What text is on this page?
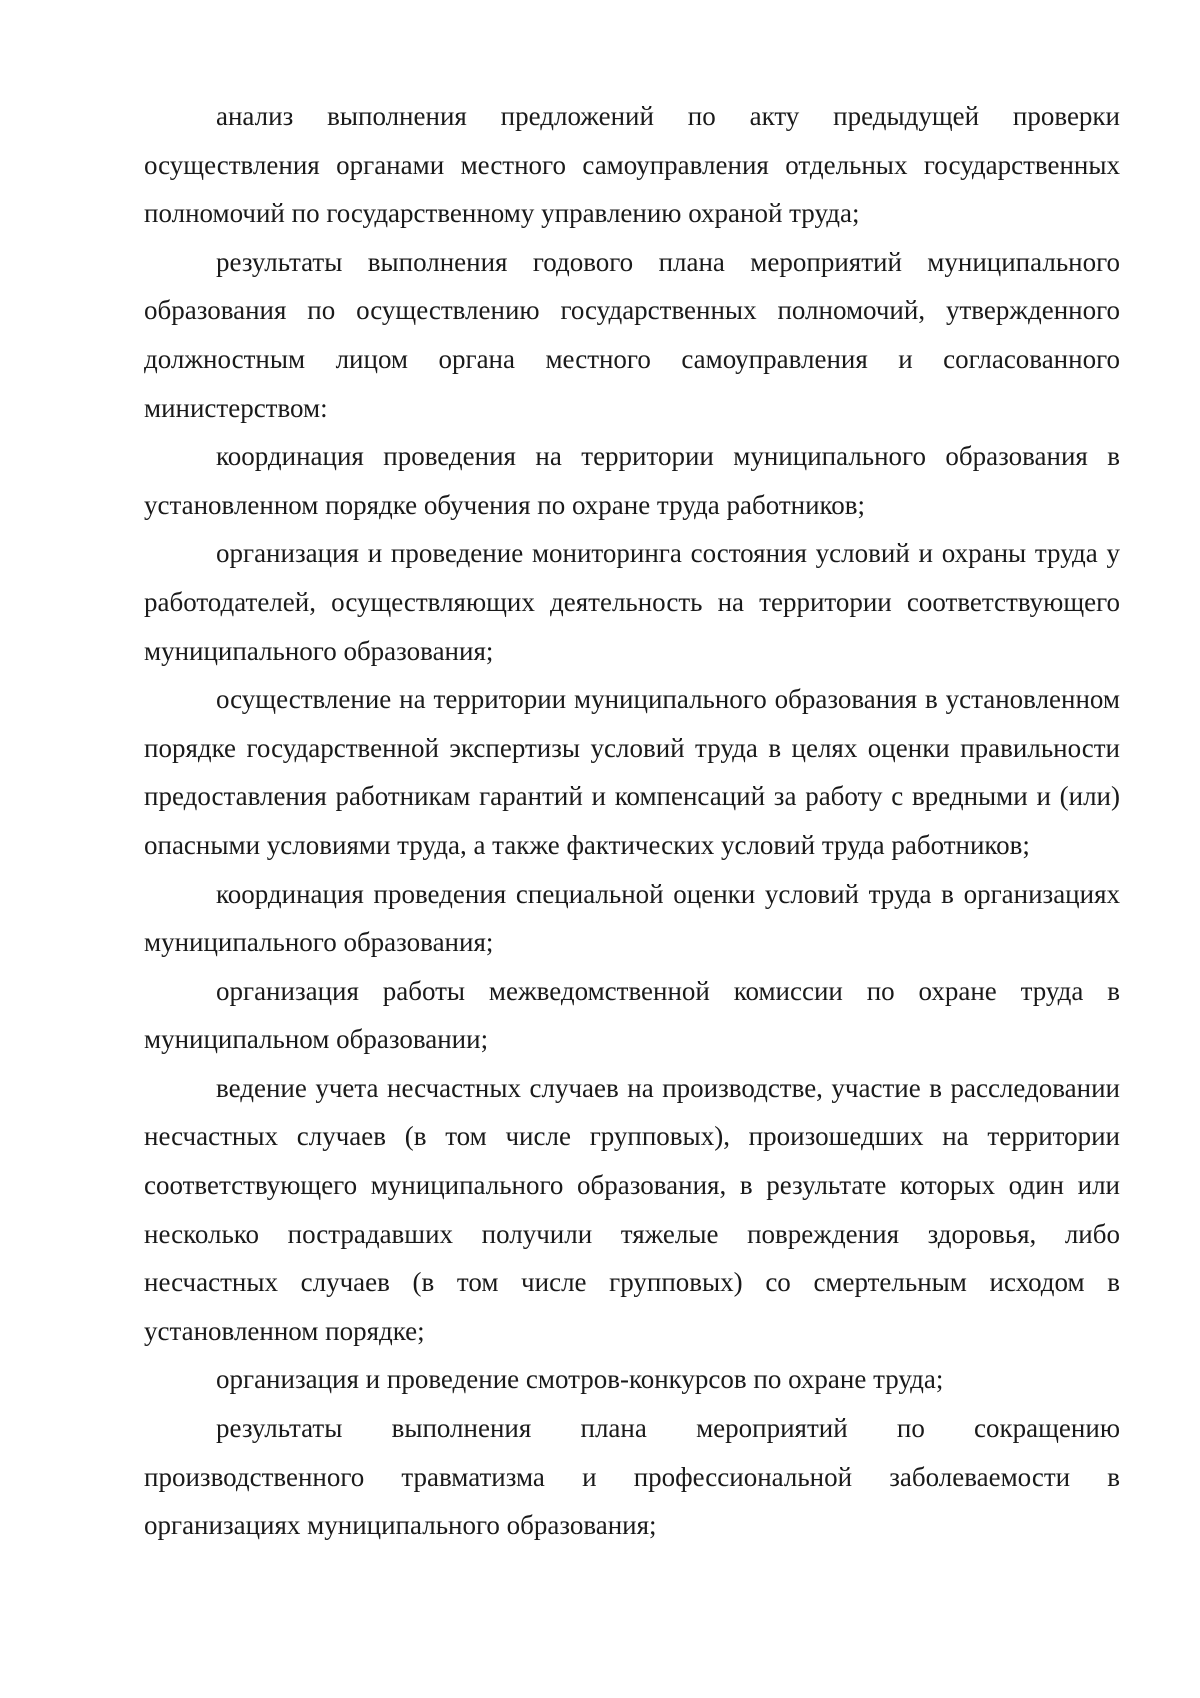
анализ выполнения предложений по акту предыдущей проверки осуществления органами местного самоуправления отдельных государственных полномочий по государственному управлению охраной труда;

результаты выполнения годового плана мероприятий муниципального образования по осуществлению государственных полномочий, утвержденного должностным лицом органа местного самоуправления и согласованного министерством:

координация проведения на территории муниципального образования в установленном порядке обучения по охране труда работников;

организация и проведение мониторинга состояния условий и охраны труда у работодателей, осуществляющих деятельность на территории соответствующего муниципального образования;

осуществление на территории муниципального образования в установленном порядке государственной экспертизы условий труда в целях оценки правильности предоставления работникам гарантий и компенсаций за работу с вредными и (или) опасными условиями труда, а также фактических условий труда работников;

координация проведения специальной оценки условий труда в организациях муниципального образования;

организация работы межведомственной комиссии по охране труда в муниципальном образовании;

ведение учета несчастных случаев на производстве, участие в расследовании несчастных случаев (в том числе групповых), произошедших на территории соответствующего муниципального образования, в результате которых один или несколько пострадавших получили тяжелые повреждения здоровья, либо несчастных случаев (в том числе групповых) со смертельным исходом в установленном порядке;

организация и проведение смотров-конкурсов по охране труда;

результаты выполнения плана мероприятий по сокращению производственного травматизма и профессиональной заболеваемости в организациях муниципального образования;
